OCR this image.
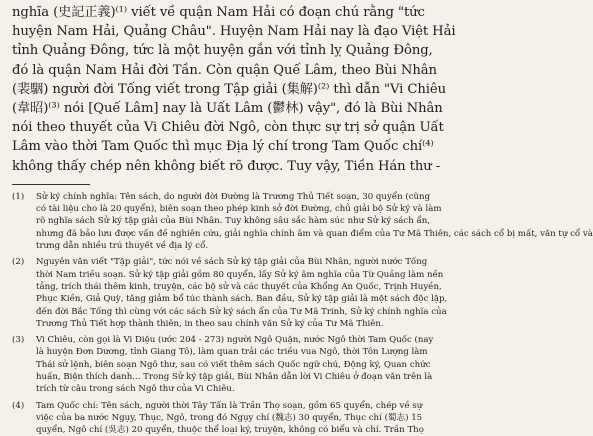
nghĩa (史記正義)⁽¹⁾ viết về quận Nam Hải có đoạn chú rằng "tức
huyện Nam Hải, Quảng Châu". Huyện Nam Hải nay là đạo Việt Hải
tỉnh Quảng Đông, tức là một huyện gắn với tỉnh lỵ Quảng Đông,
đó là quận Nam Hải đời Tần. Còn quận Quế Lâm, theo Bùi Nhân
(裴駰) người đời Tống viết trong Tập giải (集解)⁽²⁾ thì dẫn "Vi Chiêu
(韋昭)⁽³⁾ nói [Quế Lâm] nay là Uất Lâm (鬱林) vậy", đó là Bùi Nhân
nói theo thuyết của Vi Chiêu đời Ngô, còn thực sự trị sở quận Uất
Lâm vào thời Tam Quốc thì mục Địa lý chí trong Tam Quốc chí⁽⁴⁾
không thấy chép nên không biết rõ được. Tuy vậy, Tiền Hán thư -

(1)	Sử ký chính nghĩa: Tên sách, do người đời Đường là Trương Thủ Tiết soạn, 30 quyển (cũng
có tài liệu cho là 20 quyển), biên soạn theo phép kinh sở đời Đường, chủ giải bộ Sử ký và làm
rõ nghĩa sách Sử ký tập giải của Bùi Nhân. Tuy không sâu sắc hàm súc như Sử ký sách ẩn,
nhưng đã bảo lưu được vấn đề nghiên cứu, giải nghĩa chính âm và quan điểm của Tư Mã Thiên, các sách cổ bị mất, văn tự cổ và
trưng dẫn nhiều trú thuyết về địa lý cổ.
(2)	Nguyên văn viết "Tập giải", tức nói về sách Sử ký tập giải của Bùi Nhân, người nước Tống
thời Nam triều soạn. Sử ký tập giải gồm 80 quyển, lấy Sử ký âm nghĩa của Từ Quảng làm nền
tảng, trích thái thêm kinh, truyện, các bộ sử và các thuyết của Khổng An Quốc, Trịnh Huyền,
Phục Kiền, Giả Quỳ, tăng giảm bổ túc thành sách. Ban đầu, Sử ký tập giải là một sách độc lập,
đến đời Bắc Tống thì cùng với các sách Sử ký sách ẩn của Tư Mã Trinh, Sử ký chính nghĩa của
Trương Thủ Tiết hợp thành thiên, in theo sau chính văn Sử ký của Tư Mã Thiên.
(3)	Vi Chiêu, còn gọi là Vi Diệu (ước 204 - 273) người Ngô Quận, nước Ngô thời Tam Quốc (nay
là huyện Đơn Dương, tỉnh Giang Tô), làm quan trải các triều vua Ngô, thời Tôn Lượng làm
Thái sử lệnh, biên soạn Ngô thư, sau có viết thêm sách Quốc ngữ chú, Động ký, Quan chức
huấn, Biện thích danh... Trong Sử ký tập giải, Bùi Nhân dẫn lời Vi Chiêu ở đoạn văn trên là
trích từ câu trong sách Ngô thư của Vi Chiêu.
(4)	Tam Quốc chí: Tên sách, người thời Tây Tấn là Trần Thọ soạn, gồm 65 quyển, chép về sự
việc của ba nước Ngụy, Thục, Ngô, trong đó Ngụy chí (魏志) 30 quyển, Thục chí (蜀志) 15
quyển, Ngô chí (吳志) 20 quyển, thuộc thể loại ký, truyện, không có biểu và chí. Trần Thọ
